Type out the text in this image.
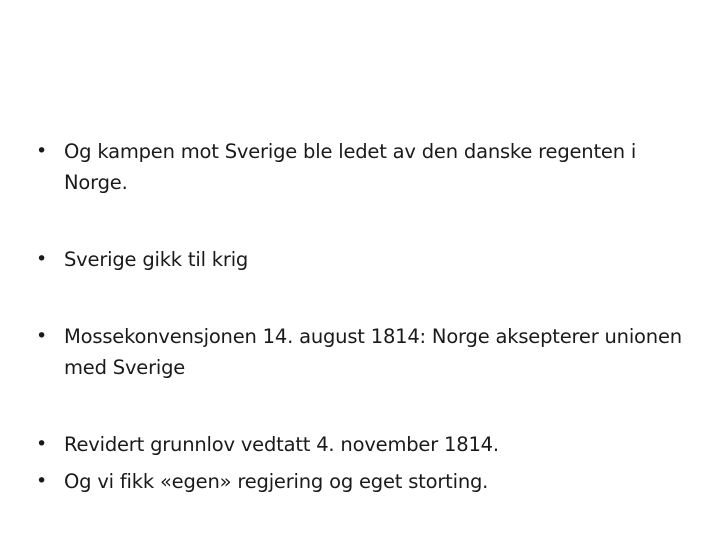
• Og kampen mot Sverige ble ledet av den danske regenten i Norge.
• Sverige gikk til krig
• Mossekonvensjonen 14. august 1814: Norge aksepterer unionen med Sverige
• Revidert grunnlov vedtatt 4. november 1814.
• Og vi fikk «egen» regjering og eget storting.
